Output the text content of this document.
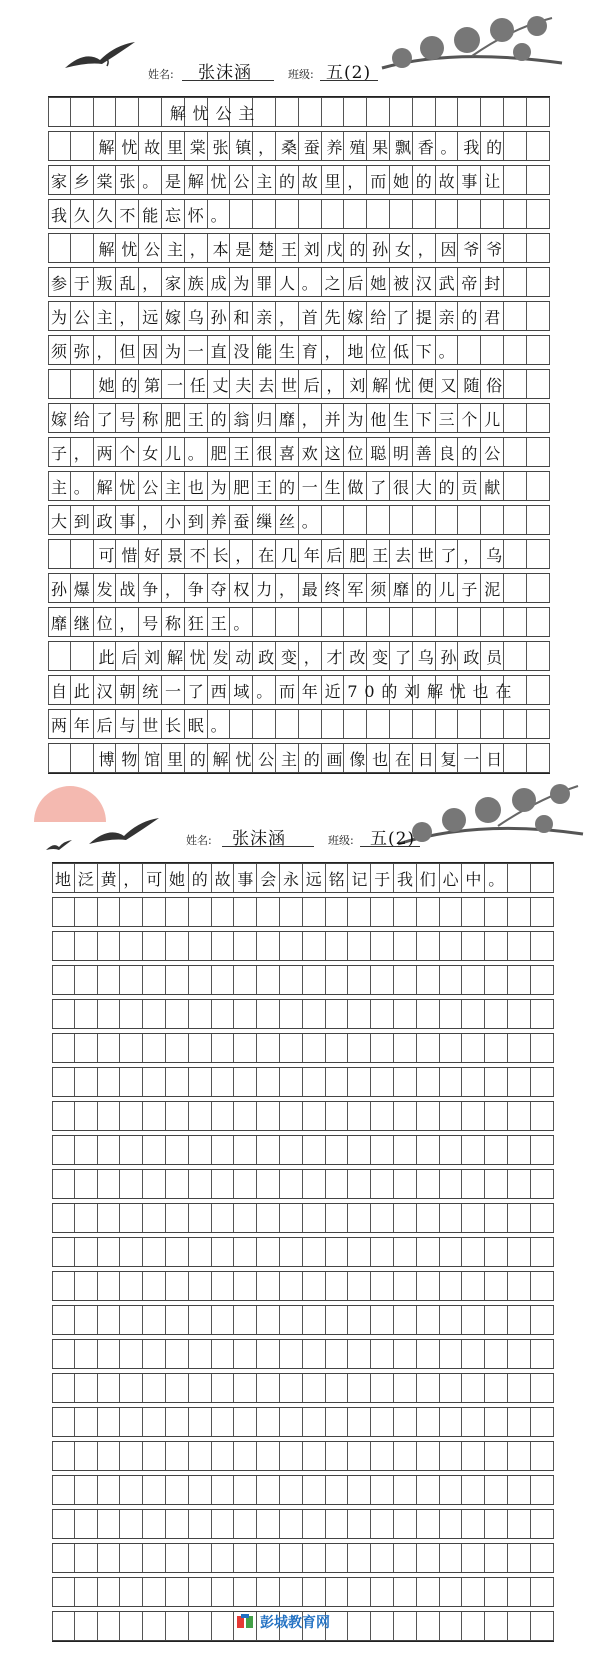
姓名: 张沫涵	班级: 五(2)
解忧公主
解忧故里棠张镇，桑蚕养殖果飘香。我的
家乡棠张。是解忧公主的故里，而她的故事让
我久久不能忘怀。
解忧公主，本是楚王刘戊的孙女，因爷爷
参于叛乱，家族成为罪人。之后她被汉武帝封
为公主，远嫁乌孙和亲，首先嫁给了提亲的君
须弥，但因为一直没能生育，地位低下。
她的第一任丈夫去世后，刘解忧便又随俗
嫁给了号称肥王的翁归靡，并为他生下三个儿
子，两个女儿。肥王很喜欢这位聪明善良的公
主。解忧公主也为肥王的一生做了很大的贡献
大到政事，小到养蚕缫丝。
可惜好景不长，在几年后肥王去世了，乌
孙爆发战争，争夺权力，最终军须靡的儿子泥
靡继位，号称狂王。
此后刘解忧发动政变，才改变了乌孙政员
自此汉朝统一了西域。而年近70的刘解忧也在
两年后与世长眠。
博物馆里的解忧公主的画像也在日复一日
姓名: 张沫涵	班级: 五(2)
地泛黄，可她的故事会永远铭记于我们心中。
彭城教育网
